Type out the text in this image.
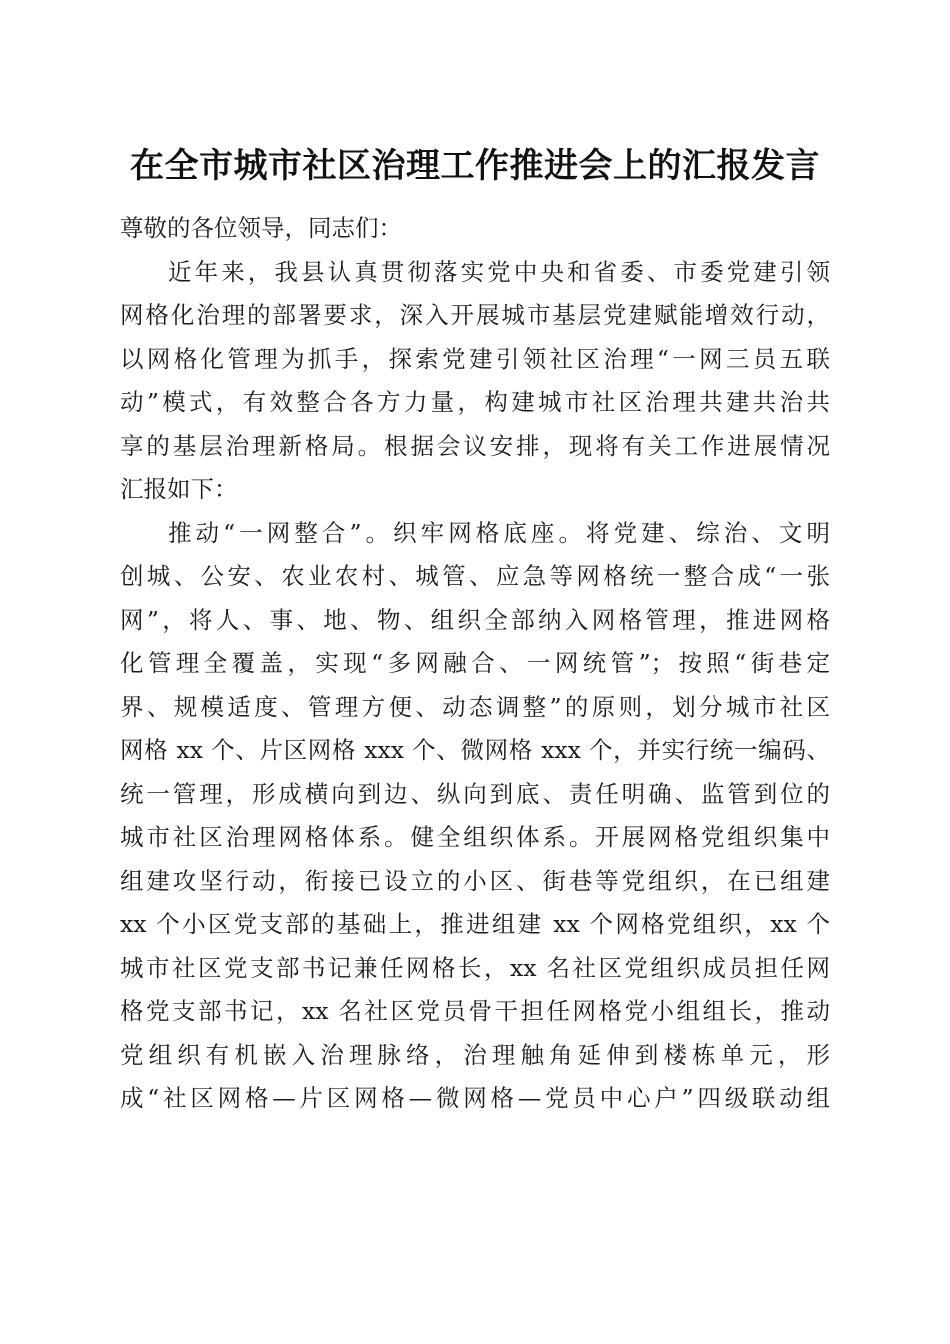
在全市城市社区治理工作推进会上的汇报发言
尊敬的各位领导，同志们：
近年来，我县认真贯彻落实党中央和省委、市委党建引领
网格化治理的部署要求，深入开展城市基层党建赋能增效行动，
以网格化管理为抓手，探索党建引领社区治理“一网三员五联
动”模式，有效整合各方力量，构建城市社区治理共建共治共
享的基层治理新格局。根据会议安排，现将有关工作进展情况
汇报如下：
推动“一网整合”。织牢网格底座。将党建、综治、文明
创城、公安、农业农村、城管、应急等网格统一整合成“一张
网”，将人、事、地、物、组织全部纳入网格管理，推进网格
化管理全覆盖，实现“多网融合、一网统管”；按照“街巷定
界、规模适度、管理方便、动态调整”的原则，划分城市社区
网格 xx 个、片区网格 xxx 个、微网格 xxx 个，并实行统一编码、
统一管理，形成横向到边、纵向到底、责任明确、监管到位的
城市社区治理网格体系。健全组织体系。开展网格党组织集中
组建攻坚行动，衔接已设立的小区、街巷等党组织，在已组建
xx 个小区党支部的基础上，推进组建 xx 个网格党组织，xx 个
城市社区党支部书记兼任网格长，xx 名社区党组织成员担任网
格党支部书记，xx 名社区党员骨干担任网格党小组组长，推动
党组织有机嵌入治理脉络，治理触角延伸到楼栋单元，形
成“社区网格—片区网格—微网格—党员中心户”四级联动组
